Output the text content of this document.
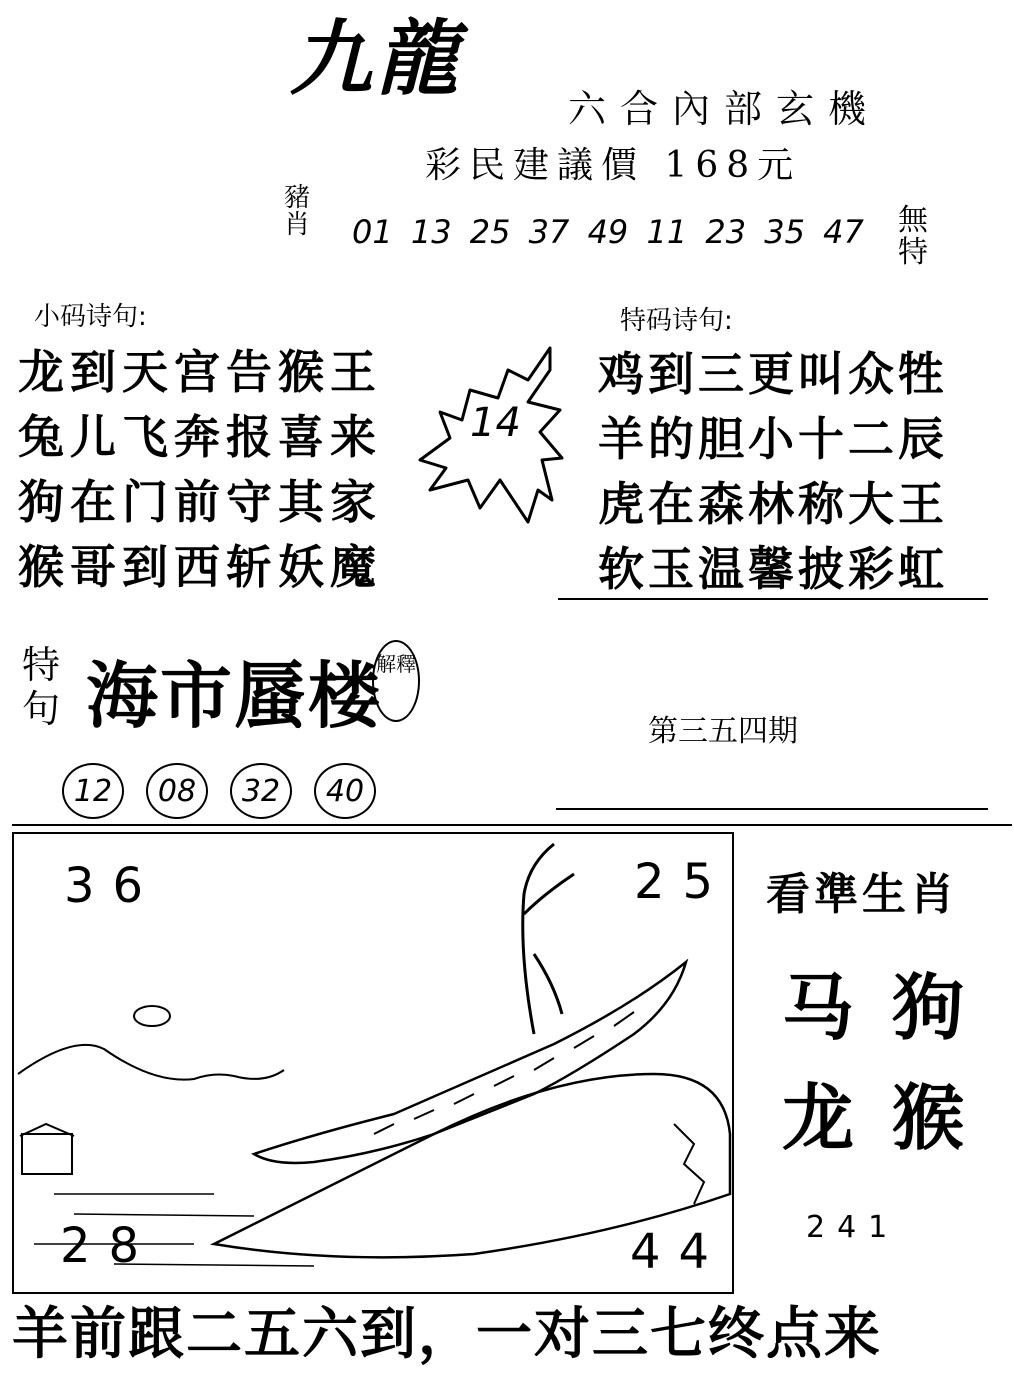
九龍
六合內部玄機
彩民建議價 168元
豬肖	01 13 25 37 49 11 23 35 47 無特
小码诗句:
龙到天宫告猴王
兔儿飞奔报喜来
狗在门前守其家
猴哥到西斩妖魔
14
特码诗句:
鸡到三更叫众牲
羊的胆小十二辰
虎在森林称大王
软玉温馨披彩虹
特句 海市蜃楼
解釋
12	08	32	40
第三五四期
36	25
28	44
看準生肖
马 狗
龙 猴
241
羊前跟二五六到，一对三七终点来
